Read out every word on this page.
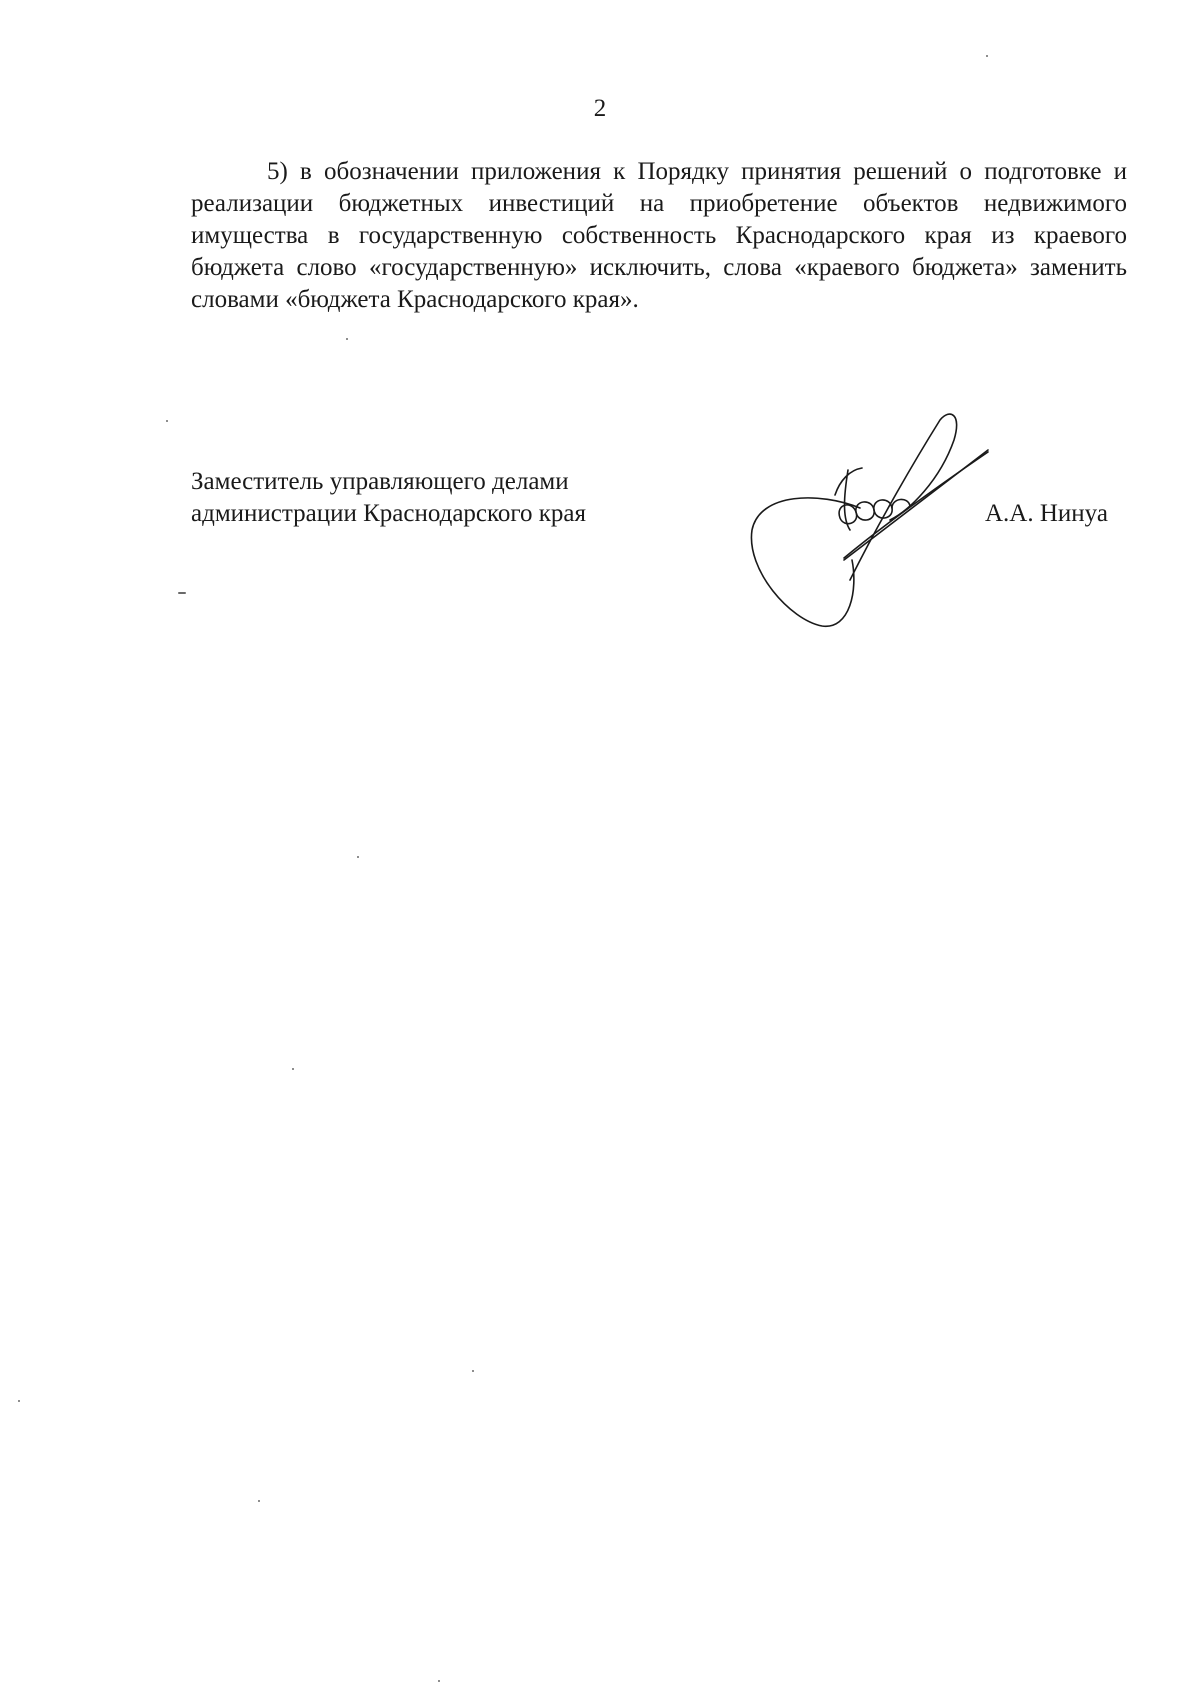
2

5) в обозначении приложения к Порядку принятия решений о подготовке и реализации бюджетных инвестиций на приобретение объектов недвижимого имущества в государственную собственность Краснодарского края из краевого бюджета слово «государственную» исключить, слова «краевого бюджета» заменить словами «бюджета Краснодарского края».

Заместитель управляющего делами
администрации Краснодарского края	А.А. Нинуа
